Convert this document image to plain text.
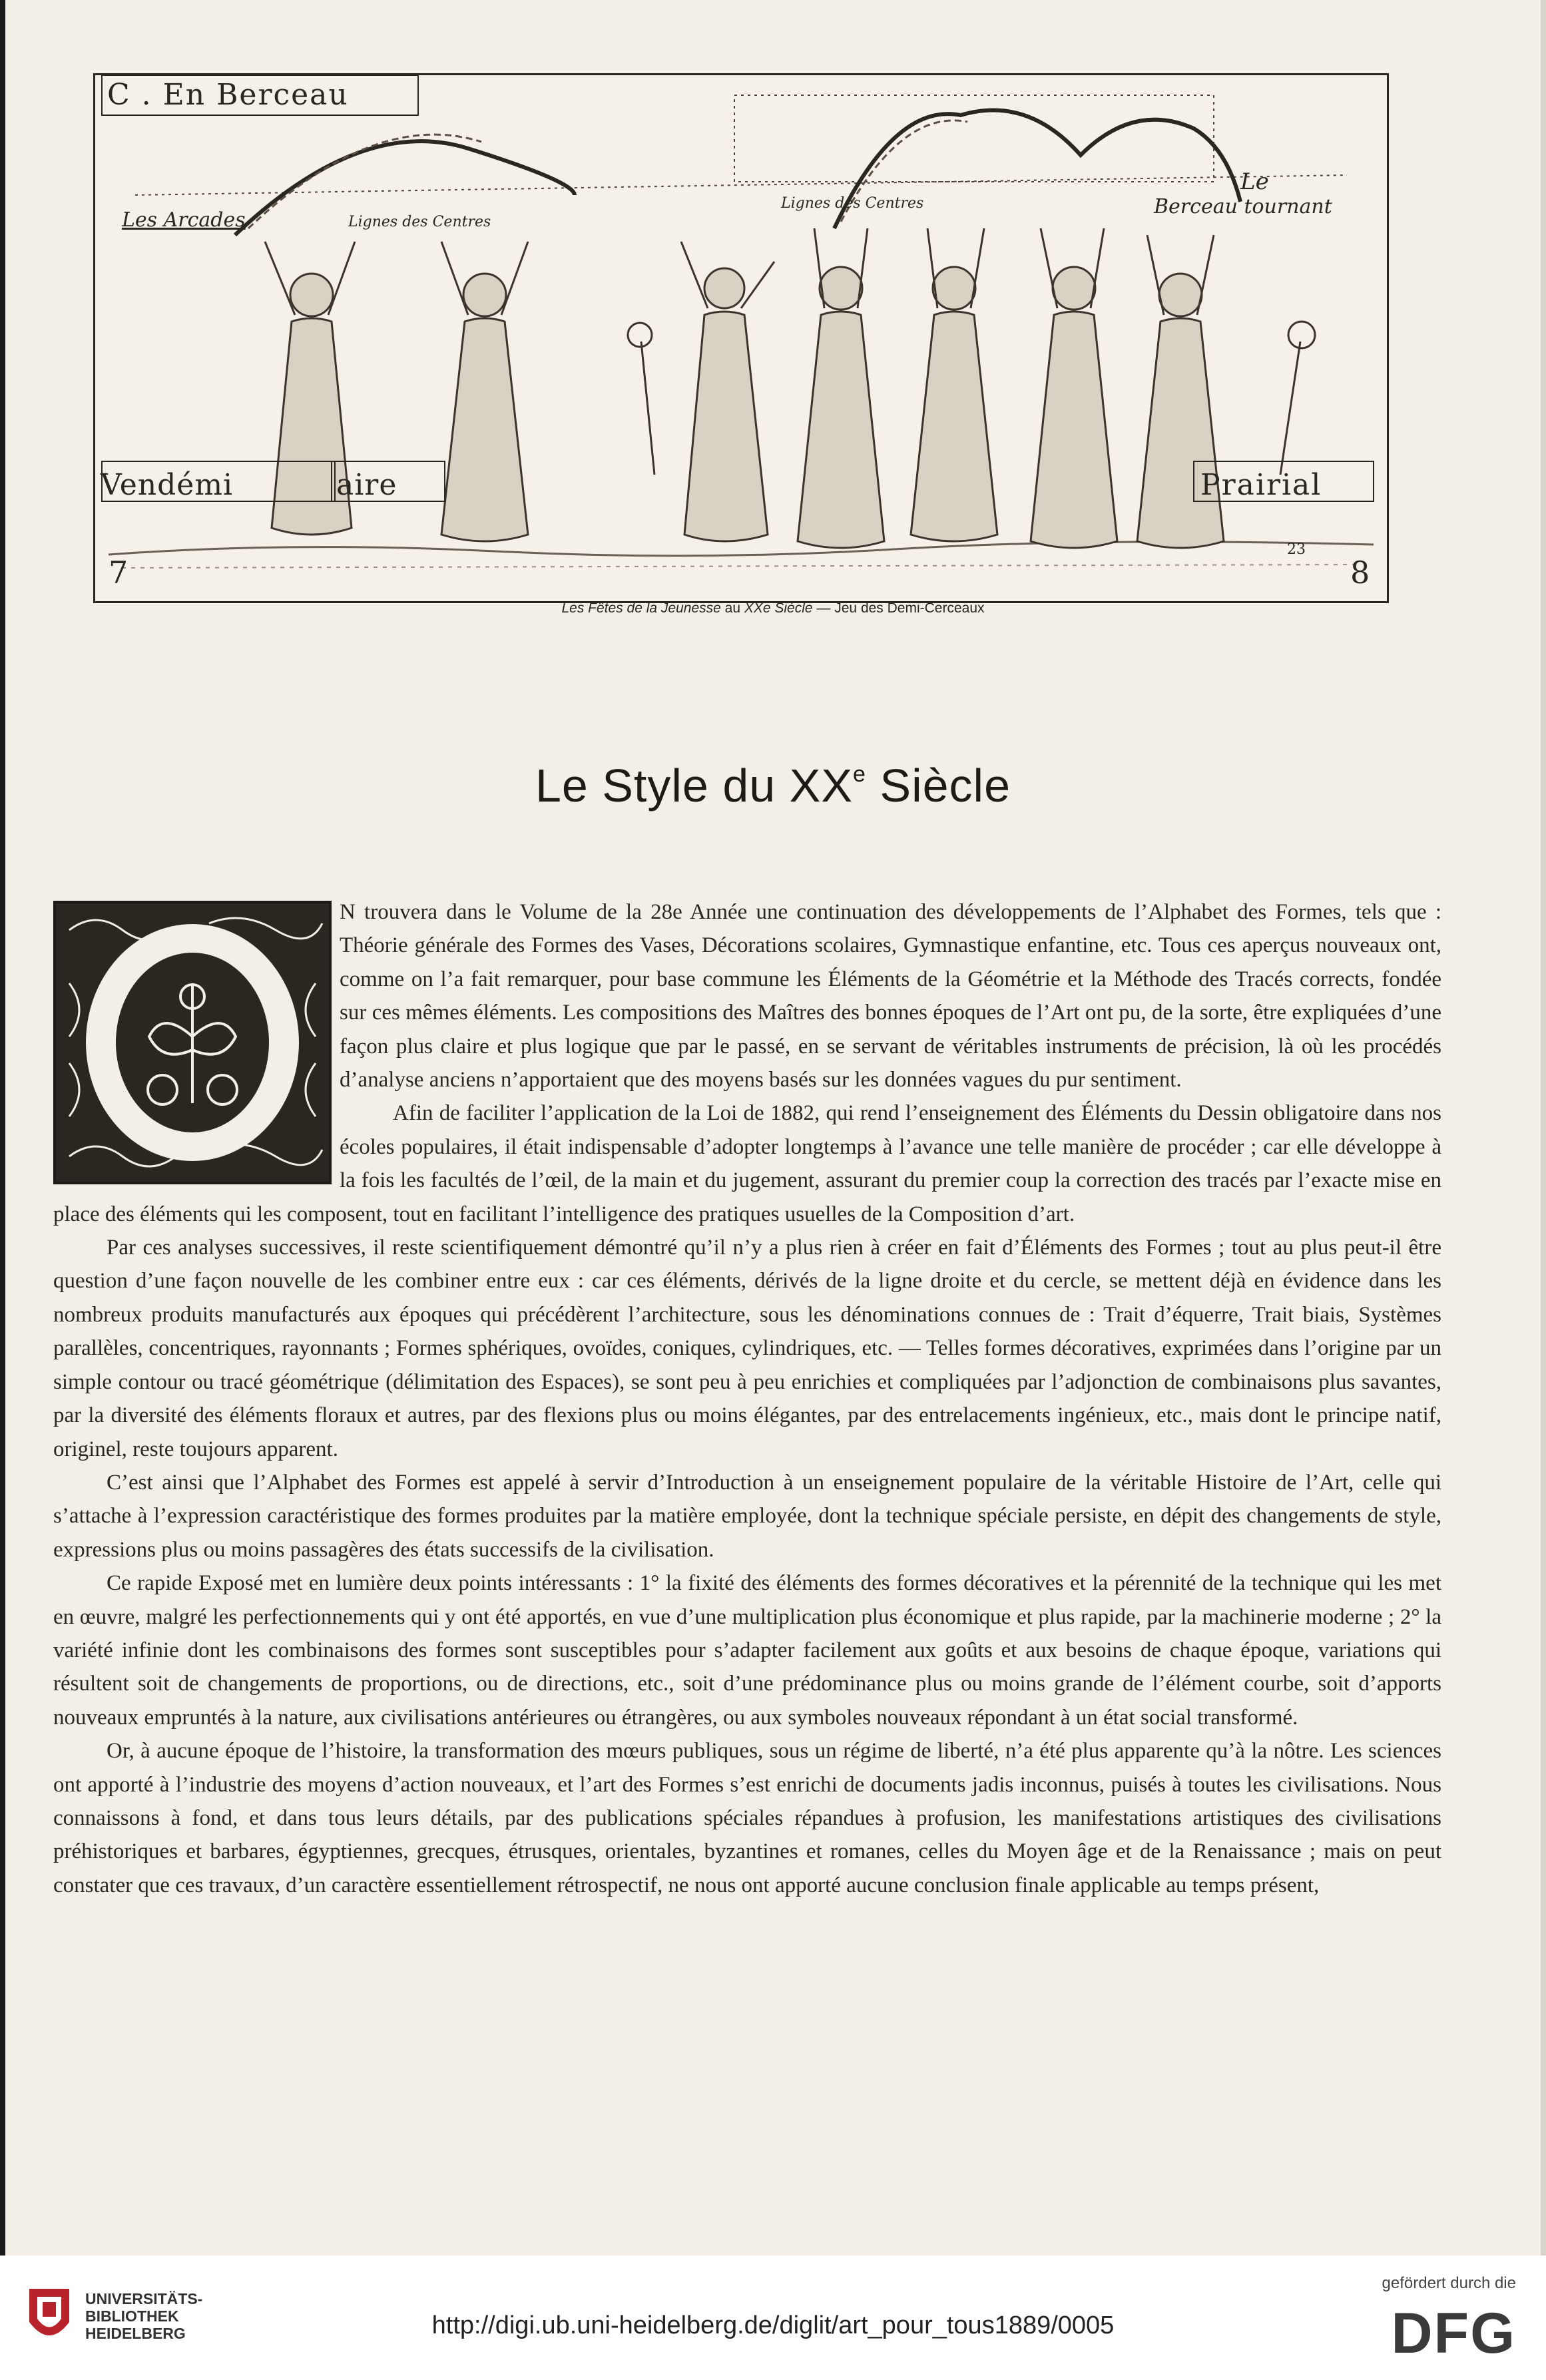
C . En Berceau
Les Arcades	Lignes des Centres
Lignes des Centres
Le
Berceau tournant
Vendémi	aire	Prairial
7	8
23
Les Fêtes de la Jeunesse au XXe Siècle — Jeu des Demi-Cerceaux
Le Style du XXe Siècle

N trouvera dans le Volume de la 28e Année une continuation des développements de l’Alphabet des Formes, tels que : Théorie générale des Formes des Vases, Décorations scolaires, Gymnastique enfantine, etc. Tous ces aperçus nouveaux ont, comme on l’a fait remarquer, pour base commune les Éléments de la Géométrie et la Méthode des Tracés corrects, fondée sur ces mêmes éléments. Les compositions des Maîtres des bonnes époques de l’Art ont pu, de la sorte, être expliquées d’une façon plus claire et plus logique que par le passé, en se servant de véritables instruments de précision, là où les procédés d’analyse anciens n’apportaient que des moyens basés sur les données vagues du pur sentiment.

Afin de faciliter l’application de la Loi de 1882, qui rend l’enseignement des Éléments du Dessin obligatoire dans nos écoles populaires, il était indispensable d’adopter longtemps à l’avance une telle manière de procéder ; car elle développe à la fois les facultés de l’œil, de la main et du jugement, assurant du premier coup la correction des tracés par l’exacte mise en place des éléments qui les composent, tout en facilitant l’intelligence des pratiques usuelles de la Composition d’art.

Par ces analyses successives, il reste scientifiquement démontré qu’il n’y a plus rien à créer en fait d’Éléments des Formes ; tout au plus peut-il être question d’une façon nouvelle de les combiner entre eux : car ces éléments, dérivés de la ligne droite et du cercle, se mettent déjà en évidence dans les nombreux produits manufacturés aux époques qui précédèrent l’architecture, sous les dénominations connues de : Trait d’équerre, Trait biais, Systèmes parallèles, concentriques, rayonnants ; Formes sphériques, ovoïdes, coniques, cylindriques, etc. — Telles formes décoratives, exprimées dans l’origine par un simple contour ou tracé géométrique (délimitation des Espaces), se sont peu à peu enrichies et compliquées par l’adjonction de combinaisons plus savantes, par la diversité des éléments floraux et autres, par des flexions plus ou moins élégantes, par des entrelacements ingénieux, etc., mais dont le principe natif, originel, reste toujours apparent.

C’est ainsi que l’Alphabet des Formes est appelé à servir d’Introduction à un enseignement populaire de la véritable Histoire de l’Art, celle qui s’attache à l’expression caractéristique des formes produites par la matière employée, dont la technique spéciale persiste, en dépit des changements de style, expressions plus ou moins passagères des états successifs de la civilisation.

Ce rapide Exposé met en lumière deux points intéressants : 1° la fixité des éléments des formes décoratives et la pérennité de la technique qui les met en œuvre, malgré les perfectionnements qui y ont été apportés, en vue d’une multiplication plus économique et plus rapide, par la machinerie moderne ; 2° la variété infinie dont les combinaisons des formes sont susceptibles pour s’adapter facilement aux goûts et aux besoins de chaque époque, variations qui résultent soit de changements de proportions, ou de directions, etc., soit d’une prédominance plus ou moins grande de l’élément courbe, soit d’apports nouveaux empruntés à la nature, aux civilisations antérieures ou étrangères, ou aux symboles nouveaux répondant à un état social transformé.

Or, à aucune époque de l’histoire, la transformation des mœurs publiques, sous un régime de liberté, n’a été plus apparente qu’à la nôtre. Les sciences ont apporté à l’industrie des moyens d’action nouveaux, et l’art des Formes s’est enrichi de documents jadis inconnus, puisés à toutes les civilisations. Nous connaissons à fond, et dans tous leurs détails, par des publications spéciales répandues à profusion, les manifestations artistiques des civilisations préhistoriques et barbares, égyptiennes, grecques, étrusques, orientales, byzantines et romanes, celles du Moyen âge et de la Renaissance ; mais on peut constater que ces travaux, d’un caractère essentiellement rétrospectif, ne nous ont apporté aucune conclusion finale applicable au temps présent,

UNIVERSITÄTS-
BIBLIOTHEK
HEIDELBERG	http://digi.ub.uni-heidelberg.de/diglit/art_pour_tous1889/0005
gefördert durch die
DFG
